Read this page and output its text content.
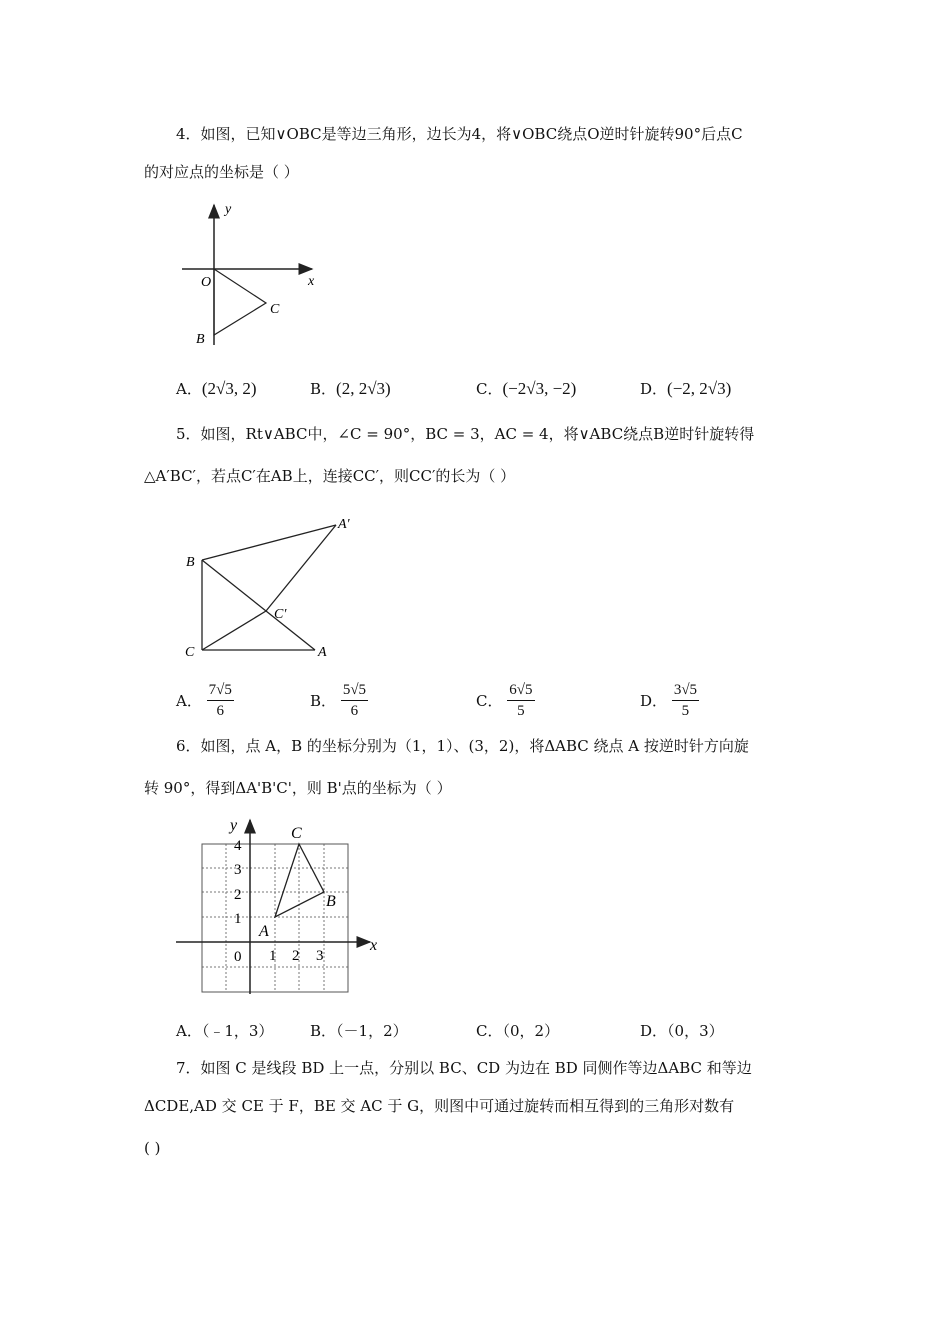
4．如图，已知∨OBC是等边三角形，边长为4，将∨OBC绕点O逆时针旋转90°后点C
的对应点的坐标是（ ）
y
x
O
C
B
A．(2√3, 2)	B．(2, 2√3)	C．(−2√3, −2)	D．(−2, 2√3)
5．如图，Rt∨ABC中，∠C = 90°，BC = 3，AC = 4，将∨ABC绕点B逆时针旋转得
△A′BC′，若点C′在AB上，连接CC′，则CC′的长为（ ）
B
A′
C′
C	A
A． $\frac{7√5}{6}$	B． $\frac{5√5}{6}$	C． $\frac{6√5}{5}$	D． $\frac{3√5}{5}$
6．如图，点 A，B 的坐标分别为（1，1）、(3，2)，将ΔABC 绕点 A 按逆时针方向旋
转 90°，得到ΔA'B'C'，则 B'点的坐标为（ ）
y
x
C
B
A
4
3
2
1
0 1 2 3
A．（﹣1，3） B．（－1，2）	C．（0，2）	D．（0，3）
7．如图 C 是线段 BD 上一点，分别以 BC、CD 为边在 BD 同侧作等边ΔABC 和等边
ΔCDE,AD 交 CE 于 F，BE 交 AC 于 G，则图中可通过旋转而相互得到的三角形对数有
( )
